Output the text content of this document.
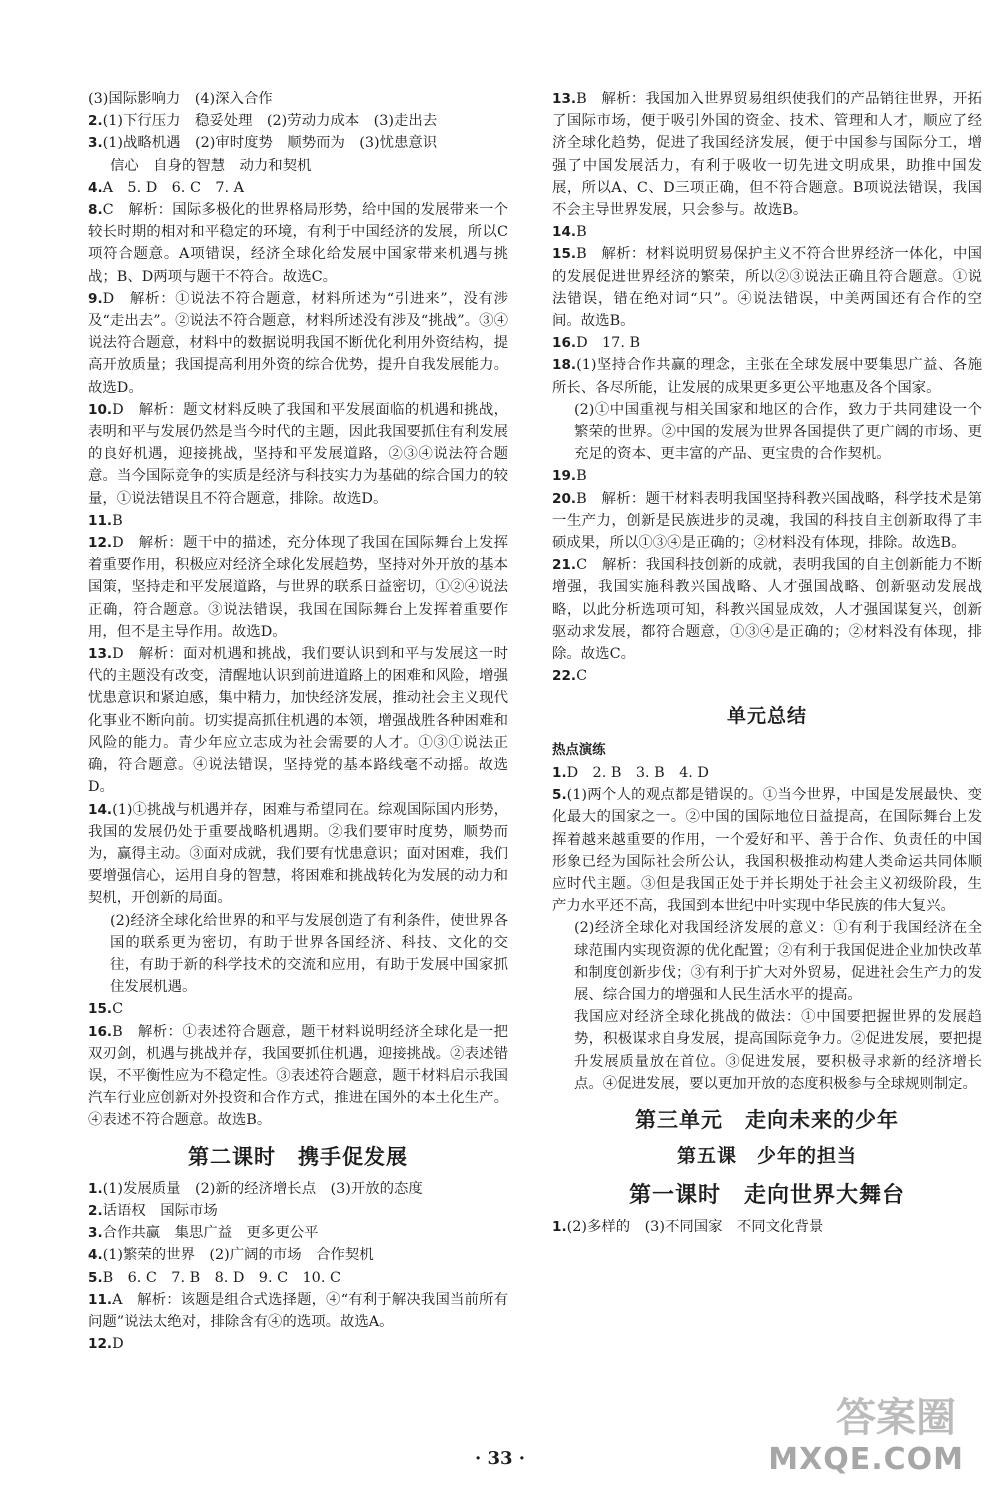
(3)国际影响力　(4)深入合作

2.(1)下行压力　稳妥处理　(2)劳动力成本　(3)走出去

3.(1)战略机遇　(2)审时度势　顺势而为　(3)忧患意识

信心　自身的智慧　动力和契机

4.A　5. D　6. C　7. A

8.C　解析：国际多极化的世界格局形势，给中国的发展带来一个较长时期的相对和平稳定的环境，有利于中国经济的发展，所以C项符合题意。A项错误，经济全球化给发展中国家带来机遇与挑战；B、D两项与题干不符合。故选C。

9.D　解析：①说法不符合题意，材料所述为“引进来”，没有涉及“走出去”。②说法不符合题意，材料所述没有涉及“挑战”。③④说法符合题意，材料中的数据说明我国不断优化利用外资结构，提高开放质量；我国提高利用外资的综合优势，提升自我发展能力。故选D。

10.D　解析：题文材料反映了我国和平发展面临的机遇和挑战，表明和平与发展仍然是当今时代的主题，因此我国要抓住有利发展的良好机遇，迎接挑战，坚持和平发展道路，②③④说法符合题意。当今国际竞争的实质是经济与科技实力为基础的综合国力的较量，①说法错误且不符合题意，排除。故选D。

11.B

12.D　解析：题干中的描述，充分体现了我国在国际舞台上发挥着重要作用，积极应对经济全球化发展趋势，坚持对外开放的基本国策，坚持走和平发展道路，与世界的联系日益密切，①②④说法正确，符合题意。③说法错误，我国在国际舞台上发挥着重要作用，但不是主导作用。故选D。

13.D　解析：面对机遇和挑战，我们要认识到和平与发展这一时代的主题没有改变，清醒地认识到前进道路上的困难和风险，增强忧患意识和紧迫感，集中精力，加快经济发展，推动社会主义现代化事业不断向前。切实提高抓住机遇的本领，增强战胜各种困难和风险的能力。青少年应立志成为社会需要的人才。①③①说法正确，符合题意。④说法错误，坚持党的基本路线毫不动摇。故选D。

14.(1)①挑战与机遇并存，困难与希望同在。综观国际国内形势，我国的发展仍处于重要战略机遇期。②我们要审时度势，顺势而为，赢得主动。③面对成就，我们要有忧患意识；面对困难，我们要增强信心，运用自身的智慧，将困难和挑战转化为发展的动力和契机，开创新的局面。

(2)经济全球化给世界的和平与发展创造了有利条件，使世界各国的联系更为密切，有助于世界各国经济、科技、文化的交往，有助于新的科学技术的交流和应用，有助于发展中国家抓住发展机遇。

15.C

16.B　解析：①表述符合题意，题干材料说明经济全球化是一把双刃剑，机遇与挑战并存，我国要抓住机遇，迎接挑战。②表述错误，不平衡性应为不稳定性。③表述符合题意，题干材料启示我国汽车行业应创新对外投资和合作方式，推进在国外的本土化生产。④表述不符合题意。故选B。

第二课时　携手促发展

1.(1)发展质量　(2)新的经济增长点　(3)开放的态度

2.话语权　国际市场

3.合作共赢　集思广益　更多更公平

4.(1)繁荣的世界　(2)广阔的市场　合作契机

5.B　6. C　7. B　8. D　9. C　10. C

11.A　解析：该题是组合式选择题，④“有利于解决我国当前所有问题”说法太绝对，排除含有④的选项。故选A。

12.D

13.B　解析：我国加入世界贸易组织使我们的产品销往世界，开拓了国际市场，便于吸引外国的资金、技术、管理和人才，顺应了经济全球化趋势，促进了我国经济发展，便于中国参与国际分工，增强了中国发展活力，有利于吸收一切先进文明成果，助推中国发展，所以A、C、D三项正确，但不符合题意。B项说法错误，我国不会主导世界发展，只会参与。故选B。

14.B

15.B　解析：材料说明贸易保护主义不符合世界经济一体化，中国的发展促进世界经济的繁荣，所以②③说法正确且符合题意。①说法错误，错在绝对词“只”。④说法错误，中美两国还有合作的空间。故选B。

16.D　17. B

18.(1)坚持合作共赢的理念，主张在全球发展中要集思广益、各施所长、各尽所能，让发展的成果更多更公平地惠及各个国家。

(2)①中国重视与相关国家和地区的合作，致力于共同建设一个繁荣的世界。②中国的发展为世界各国提供了更广阔的市场、更充足的资本、更丰富的产品、更宝贵的合作契机。

19.B

20.B　解析：题干材料表明我国坚持科教兴国战略，科学技术是第一生产力，创新是民族进步的灵魂，我国的科技自主创新取得了丰硕成果，所以①③④是正确的；②材料没有体现，排除。故选B。

21.C　解析：我国科技创新的成就，表明我国的自主创新能力不断增强，我国实施科教兴国战略、人才强国战略、创新驱动发展战略，以此分析选项可知，科教兴国显成效，人才强国谋复兴，创新驱动求发展，都符合题意，①③④是正确的；②材料没有体现，排除。故选C。

22.C

单元总结

热点演练

1.D　2. B　3. B　4. D

5.(1)两个人的观点都是错误的。①当今世界，中国是发展最快、变化最大的国家之一。②中国的国际地位日益提高，在国际舞台上发挥着越来越重要的作用，一个爱好和平、善于合作、负责任的中国形象已经为国际社会所公认，我国积极推动构建人类命运共同体顺应时代主题。③但是我国正处于并长期处于社会主义初级阶段，生产力水平还不高，我国到本世纪中叶实现中华民族的伟大复兴。

(2)经济全球化对我国经济发展的意义：①有利于我国经济在全球范围内实现资源的优化配置；②有利于我国促进企业加快改革和制度创新步伐；③有利于扩大对外贸易，促进社会生产力的发展、综合国力的增强和人民生活水平的提高。

我国应对经济全球化挑战的做法：①中国要把握世界的发展趋势，积极谋求自身发展，提高国际竞争力。②促进发展，要把提升发展质量放在首位。③促进发展，要积极寻求新的经济增长点。④促进发展，要以更加开放的态度积极参与全球规则制定。

第三单元　走向未来的少年

第五课　少年的担当

第一课时　走向世界大舞台

1.(2)多样的　(3)不同国家　不同文化背景

· 33 ·
答案圈
MXQE.COM
